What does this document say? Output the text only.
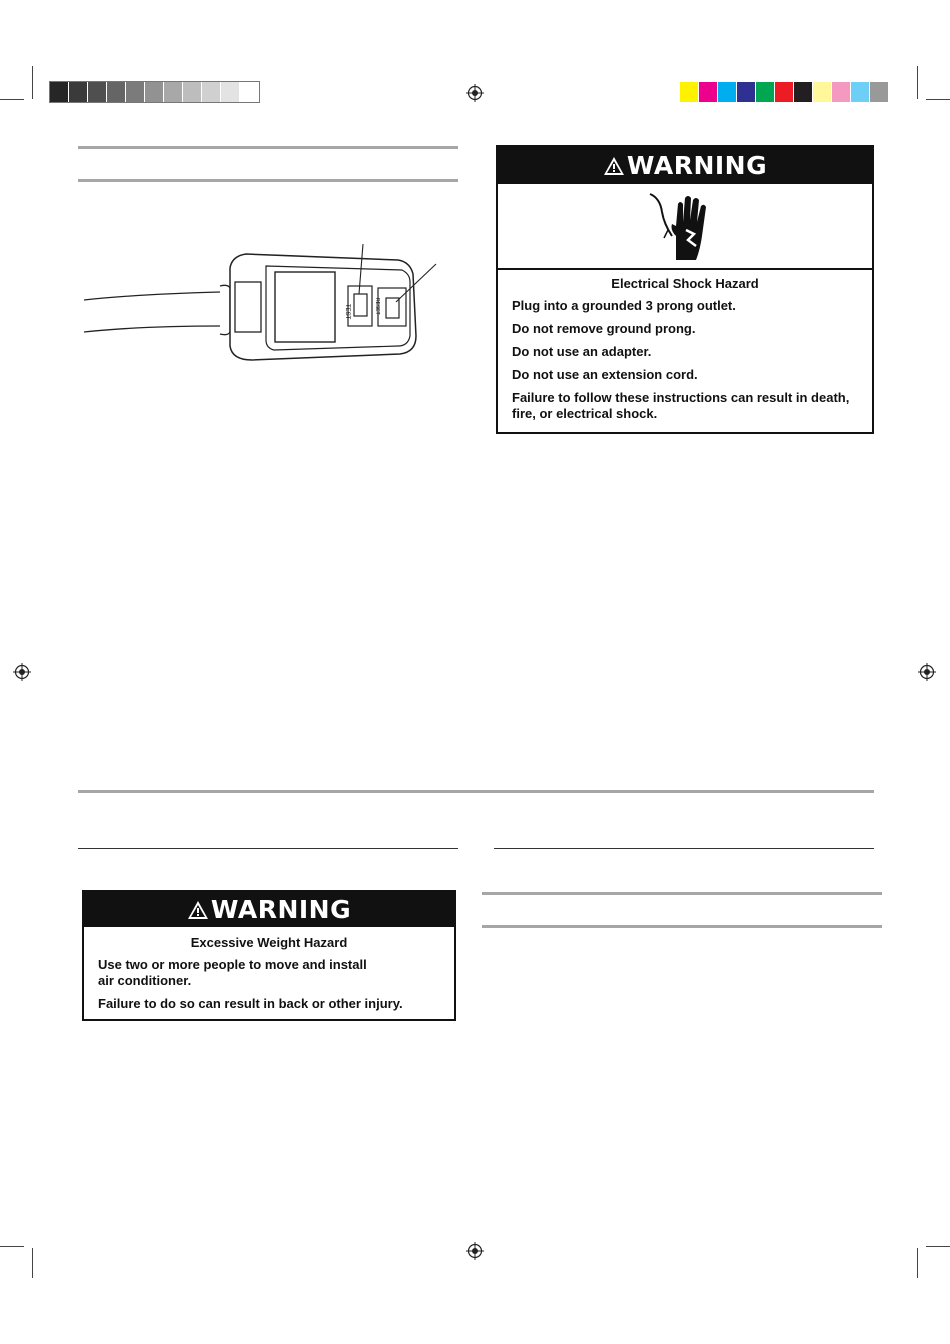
TEST	RESET
WARNING
Electrical Shock Hazard
Plug into a grounded 3 prong outlet.
Do not remove ground prong.
Do not use an adapter.
Do not use an extension cord.
Failure to follow these instructions can result in death,
fire, or electrical shock.
WARNING
Excessive Weight Hazard
Use two or more people to move and install
air conditioner.
Failure to do so can result in back or other injury.
